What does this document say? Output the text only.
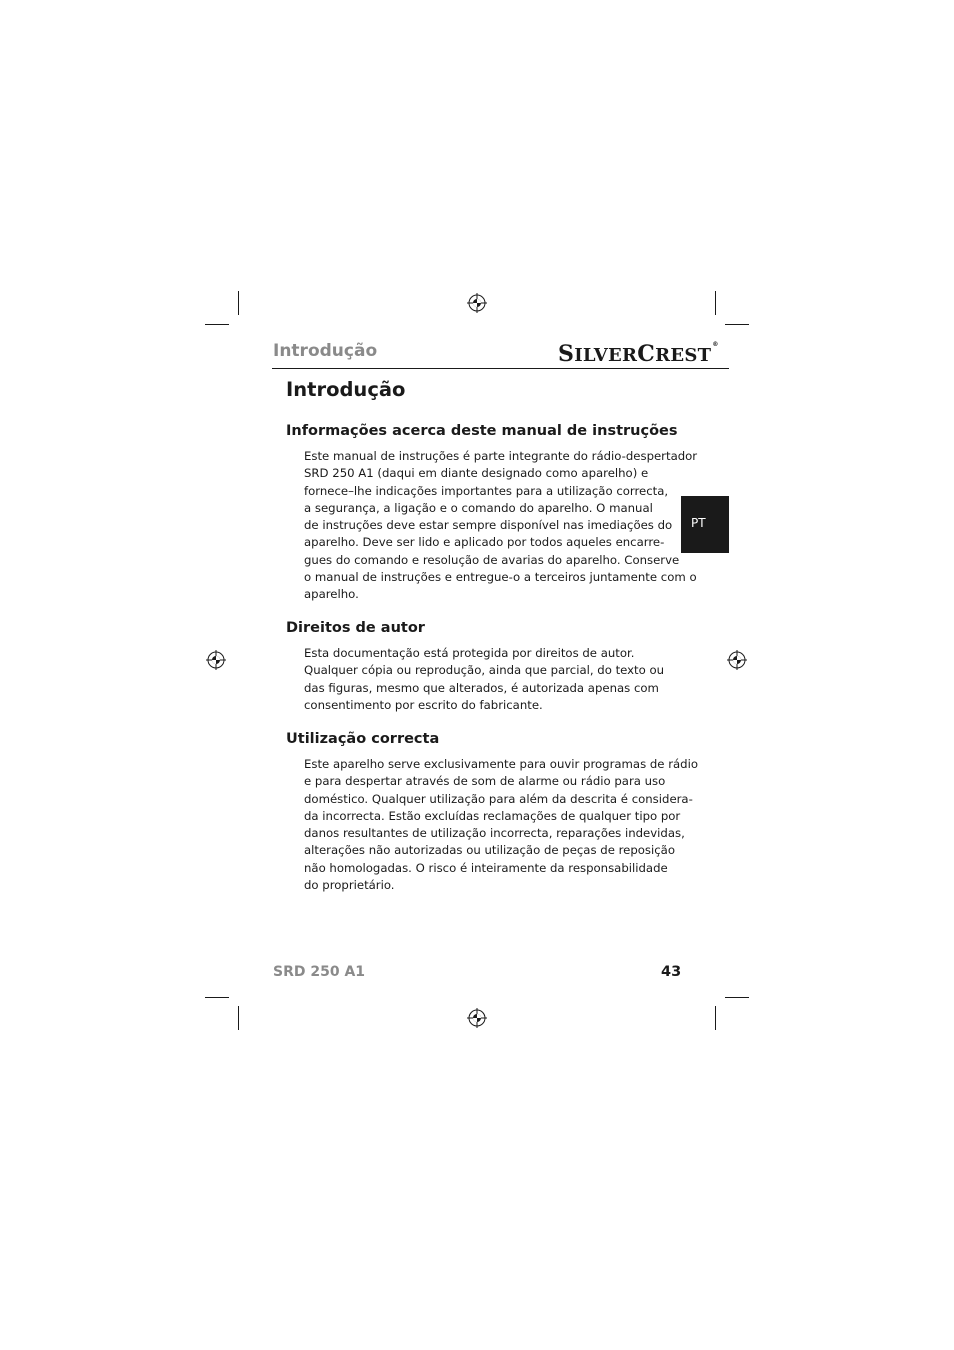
Introdução	SILVERCREST®
Introdução
Informações acerca deste manual de instruções
Este manual de instruções é parte integrante do rádio-despertador
SRD 250 A1 (daqui em diante designado como aparelho) e
fornece–lhe indicações importantes para a utilização correcta,
a segurança, a ligação e o comando do aparelho. O manual
de instruções deve estar sempre disponível nas imediações do
aparelho. Deve ser lido e aplicado por todos aqueles encarre-
gues do comando e resolução de avarias do aparelho. Conserve
o manual de instruções e entregue-o a terceiros juntamente com o
aparelho.
Direitos de autor
Esta documentação está protegida por direitos de autor.
Qualquer cópia ou reprodução, ainda que parcial, do texto ou
das figuras, mesmo que alterados, é autorizada apenas com
consentimento por escrito do fabricante.
Utilização correcta
Este aparelho serve exclusivamente para ouvir programas de rádio
e para despertar através de som de alarme ou rádio para uso
doméstico. Qualquer utilização para além da descrita é considera-
da incorrecta. Estão excluídas reclamações de qualquer tipo por
danos resultantes de utilização incorrecta, reparações indevidas,
alterações não autorizadas ou utilização de peças de reposição
não homologadas. O risco é inteiramente da responsabilidade
do proprietário.
PT
SRD 250 A1	43
